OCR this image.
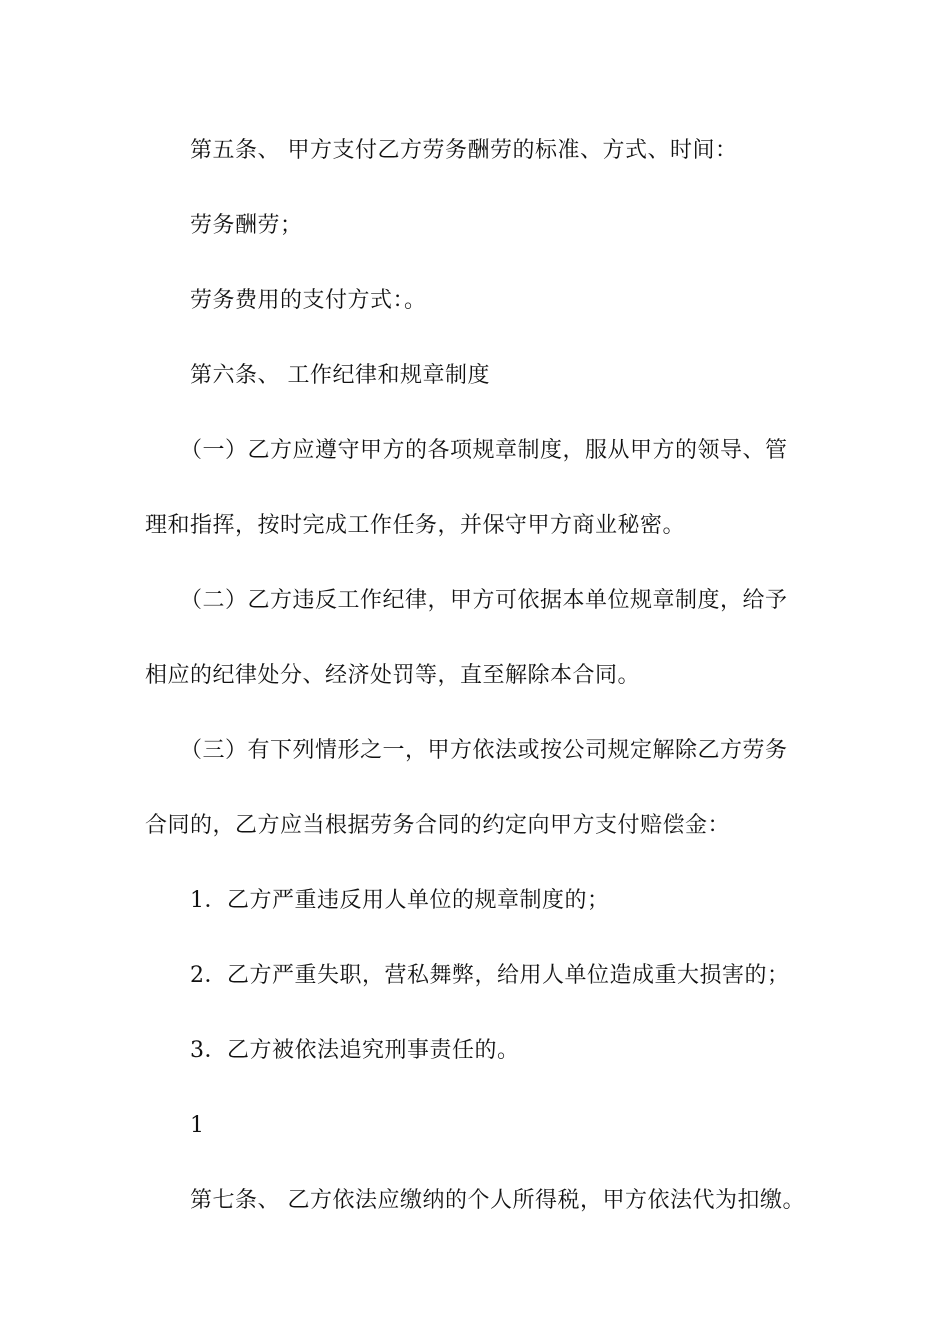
第五条、 甲方支付乙方劳务酬劳的标准、方式、时间：
劳务酬劳；
劳务费用的支付方式：。
第六条、 工作纪律和规章制度
（一）乙方应遵守甲方的各项规章制度，服从甲方的领导、管
理和指挥，按时完成工作任务，并保守甲方商业秘密。
（二）乙方违反工作纪律，甲方可依据本单位规章制度，给予
相应的纪律处分、经济处罚等，直至解除本合同。
（三）有下列情形之一，甲方依法或按公司规定解除乙方劳务
合同的，乙方应当根据劳务合同的约定向甲方支付赔偿金：
1．乙方严重违反用人单位的规章制度的；
2．乙方严重失职，营私舞弊，给用人单位造成重大损害的；
3．乙方被依法追究刑事责任的。
1
第七条、 乙方依法应缴纳的个人所得税，甲方依法代为扣缴。
